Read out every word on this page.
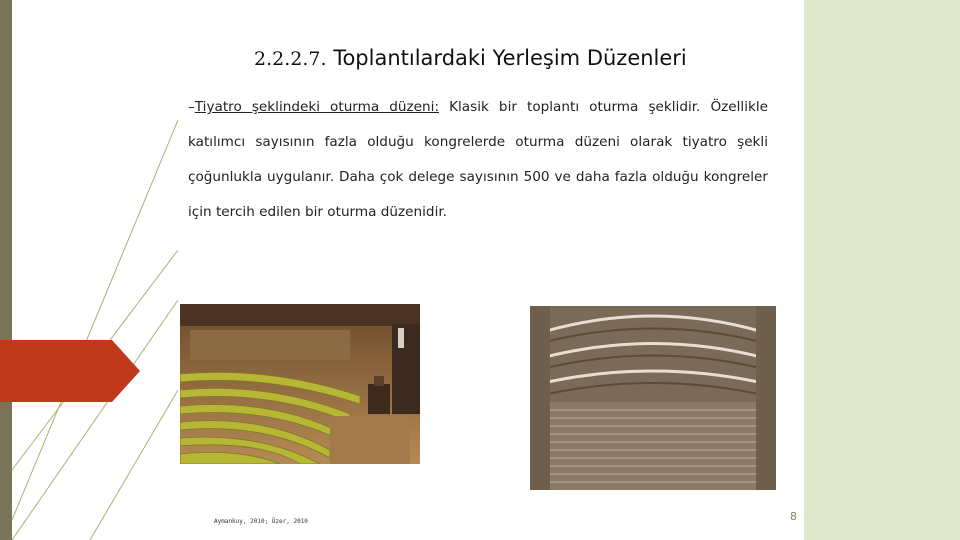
2.2.2.7. Toplantılardaki Yerleşim Düzenleri
–Tiyatro şeklindeki oturma düzeni: Klasik bir toplantı oturma şeklidir. Özellikle katılımcı sayısının fazla olduğu kongrelerde oturma düzeni olarak tiyatro şekli çoğunlukla uygulanır. Daha çok delege sayısının 500 ve daha fazla olduğu kongreler için tercih edilen bir oturma düzenidir.
Aymankuy, 2010; Özer, 2010	8
